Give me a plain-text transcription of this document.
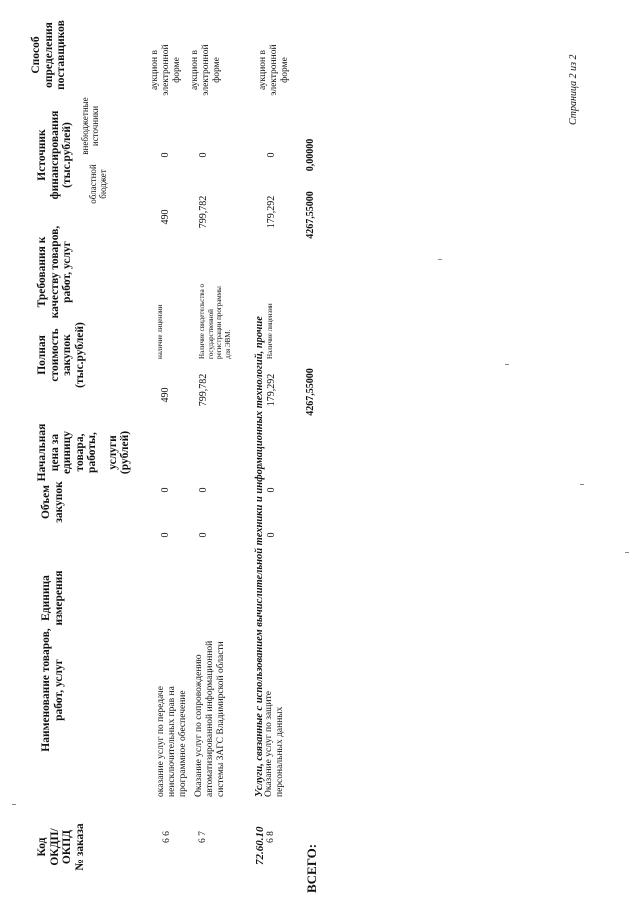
Страница 2 из 2
Код ОКДП/ ОКПД № заказа
Наименование товаров, работ, услуг
Единица измерения
Объем закупок
Начальная цена за единицу товара, работы, услуги (рублей)
Полная стоимость закупок (тыс.рублей)
Требования к качеству товаров, работ, услуг
Источник финансирования (тыс.рублей) областной бюджет
внебюджетные источники
Способ определения поставщиков
6 6
оказание услуг по передаче неисключительных прав на программное обеспечение
0
0
490
наличие лицензии
490
0
аукцион в электронной форме
6 7
Оказание услуг по сопровождению автоматизированной информационной системы ЗАГС Владимирской области
0
0
799,782
Наличие свидетельства о государственной регистрации программы для ЭВМ.
799,782
0
аукцион в электронной форме
72.60.10
Услуги, связанные с использованием вычислительной техники и информационных технологий, прочие
6 8
Оказание услуг по защите персональных данных
0
0
179,292
Наличие лицензии
179,292
0
аукцион в электронной форме
ВСЕГО:
4267,55000
4267,55000
0,00000
